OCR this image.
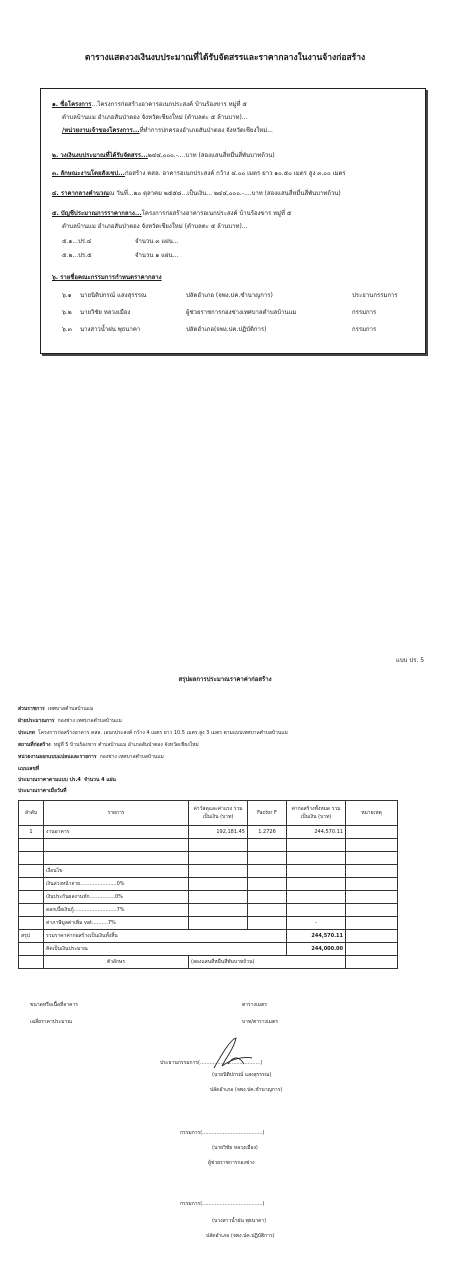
ตารางแสดงวงเงินงบประมาณที่ได้รับจัดสรรและราคากลางในงานจ้างก่อสร้าง
๑. ชื่อโครงการ...โครงการก่อสร้างอาคารอเนกประสงค์ บ้านร้องขาร หมู่ที่ ๕
ตำบลบ้านแม อำเภอสันป่าตอง จังหวัดเชียงใหม่ (ตำบลตะ ๕ ล้านบาท)...
/หน่วยงานเจ้าของโครงการ...ที่ทำการปกครองอำเภอสันป่าตอง จังหวัดเชียงใหม่...
๒. วงเงินงบประมาณที่ได้รับจัดสรร...๒๔๔,๐๐๐.-....บาท (สองแสนสี่หมื่นสี่พันบาทถ้วน)
๓. ลักษณะงานโดยสังเขป...ก่อสร้าง คสล. อาคารอเนกประสงค์ กว้าง ๔.๐๐ เมตร ยาว ๑๐.๕๐ เมตร สูง ๓.๐๐ เมตร
๔. ราคากลางคำนวณณ วันที่...๒๐ ตุลาคม ๒๕๕๘...เป็นเงิน... ๒๔๔,๐๐๐.-....บาท (สองแสนสี่หมื่นสี่พันบาทถ้วน)
๕. บัญชีประมาณการราคากลาง...โครงการก่อสร้างอาคารอเนกประสงค์ บ้านร้องขาร หมู่ที่ ๕
ตำบลบ้านแม อำเภอสันป่าตอง จังหวัดเชียงใหม่ (ตำบลตะ ๕ ล้านบาท)...
๕.๑...ปร.๔	จำนวน ๓ แผ่น...
๕.๒...ปร.๕	จำนวน ๑ แผ่น...
๖. รายชื่อคณะกรรมการกำหนดราคากลาง
๖.๑ นายนิติปกรณ์ แสงสุรรรณ	ปลัดอำเภอ (จพง.ปค.ชำนาญการ)	ประธานกรรมการ
๖.๒ นายวิชัย หลวงเมือง	ผู้ช่วยราชการกองช่างเทศบาลตำบลบ้านแม	กรรมการ
๖.๓ นางสาวน้ำฝน พุธนาคา	ปลัดอำเภอ(จพง.ปค.ปฏิบัติการ)	กรรมการ
แบบ ปร. 5
สรุปผลการประมาณราคาค่าก่อสร้าง
ส่วนราชการ เทศบาลตำบลบ้านแม
ฝ่ายประมาณการ กองช่าง เทศบาลตำบลบ้านแม
ประเภท โครงการก่อสร้างอาคาร คสล. เอนกประสงค์ กว้าง 4 เมตร ยาว 10.5 เมตร สูง 3 เมตร ตามแบบเทศบาลตำบลบ้านแม
สถานที่ก่อสร้าง หมู่ที่ 5 บ้านร้องขาร ตำบลบ้านแม อำเภอสันป่าตอง จังหวัดเชียงใหม่
หน่วยงานออกแบบแปลนและรายการ กองช่าง เทศบาลตำบลบ้านแม
แบบเลขที่
ประมาณราคาตามแบบ ปร.4 จำนวน 4 แผ่น
ประมาณราคาเมื่อวันที่
ลำดับ	รายการ	ค่าวัสดุและค่าแรง รวมเป็นเงิน (บาท)	Factor F	ค่าก่อสร้างทั้งหมด รวมเป็นเงิน (บาท)	หมายเหตุ
1	งานอาคาร	192,181.45	1.2726	244,570.11	

	เงื่อนไข				
	เงินล่วงหน้าจ่าย.......................0%				
	เงินประกันผลงานหัก................0%				
	ดอกเบี้ยเงินกู้...........................7%				
	ค่าภาษีมูลค่าเพิ่ม vat..........7%			-	
สรุป	รวมราคาค่าก่อสร้างเป็นเงินทั้งสิ้น			244,570.11	
	คิดเป็นเงินประมาณ			244,000.00	
	ตัวอักษร	(สองแสนสี่หมื่นสี่พันบาทถ้วน)			
ขนาดหรือเนื้อที่อาคาร	ตารางเมตร
เฉลี่ยราคาประมาณ	บาท/ตารางเมตร
ประธานกรรมการ(......................................)
(นายนิติปกรณ์ แสงสุรรรณ)
ปลัดอำเภอ (จพง.ปค.ชำนาญการ)
กรรมการ(......................................)
(นายวิชัย หลวงเมือง)
ผู้ช่วยราชการกองช่าง
กรรมการ(......................................)
(นางสาวน้ำฝน พุธนาคา)
ปลัดอำเภอ (จพง.ปค.ปฏิบัติการ)
